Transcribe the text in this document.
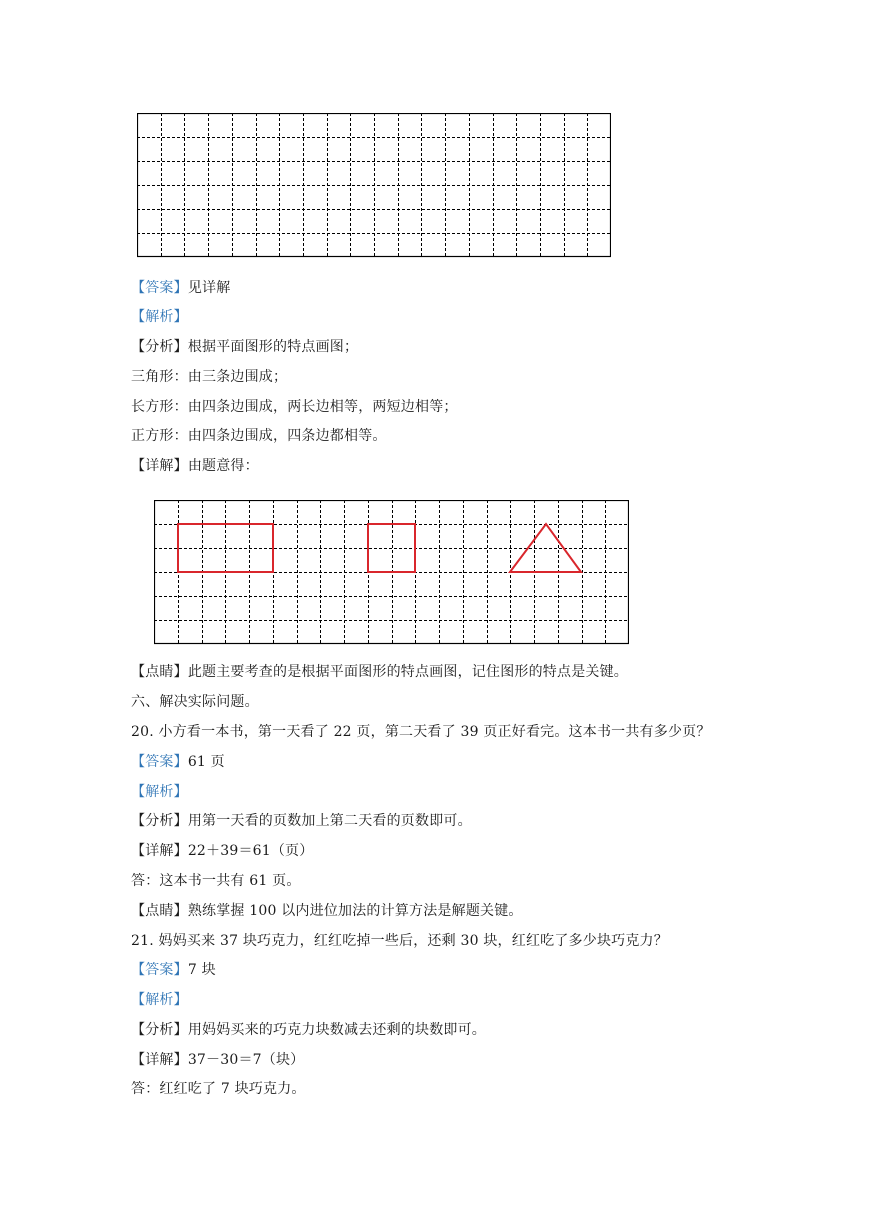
【答案】见详解
【解析】
【分析】根据平面图形的特点画图；
三角形：由三条边围成；
长方形：由四条边围成，两长边相等，两短边相等；
正方形：由四条边围成，四条边都相等。
【详解】由题意得：
【点睛】此题主要考查的是根据平面图形的特点画图，记住图形的特点是关键。
六、解决实际问题。
20. 小方看一本书，第一天看了 22 页，第二天看了 39 页正好看完。这本书一共有多少页？
【答案】61 页
【解析】
【分析】用第一天看的页数加上第二天看的页数即可。
【详解】22＋39＝61（页）
答：这本书一共有 61 页。
【点睛】熟练掌握 100 以内进位加法的计算方法是解题关键。
21. 妈妈买来 37 块巧克力，红红吃掉一些后，还剩 30 块，红红吃了多少块巧克力？
【答案】7 块
【解析】
【分析】用妈妈买来的巧克力块数减去还剩的块数即可。
【详解】37－30＝7（块）
答：红红吃了 7 块巧克力。
